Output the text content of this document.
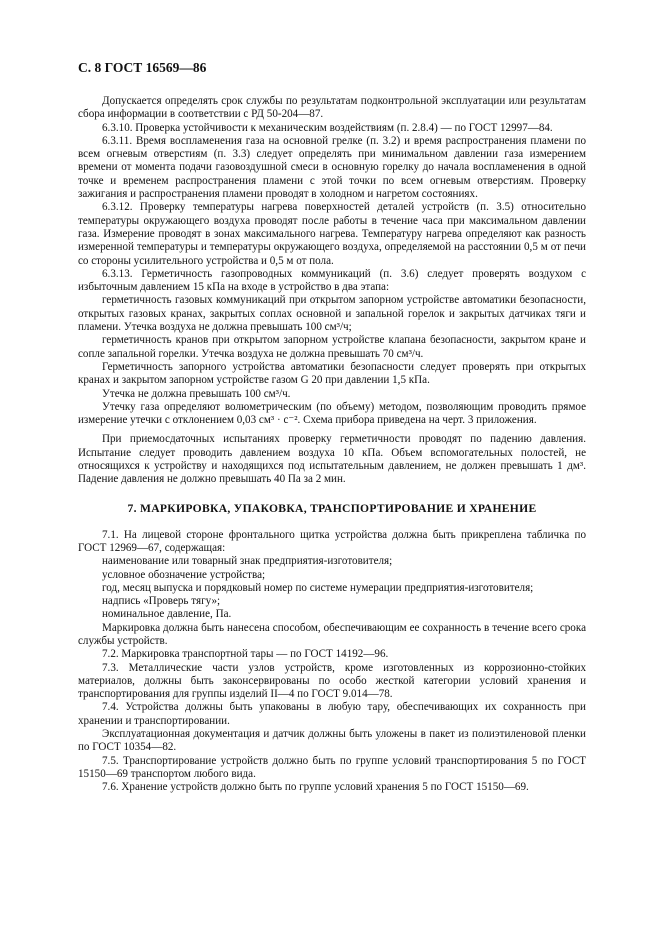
С. 8 ГОСТ 16569—86

Допускается определять срок службы по результатам подконтрольной эксплуатации или результатам сбора информации в соответствии с РД 50-204—87.

6.3.10. Проверка устойчивости к механическим воздействиям (п. 2.8.4) — по ГОСТ 12997—84.

6.3.11. Время воспламенения газа на основной грелке (п. 3.2) и время распространения пламени по всем огневым отверстиям (п. 3.3) следует определять при минимальном давлении газа измерением времени от момента подачи газовоздушной смеси в основную горелку до начала воспламенения в одной точке и временем распространения пламени с этой точки по всем огневым отверстиям. Проверку зажигания и распространения пламени проводят в холодном и нагретом состояниях.

6.3.12. Проверку температуры нагрева поверхностей деталей устройств (п. 3.5) относительно температуры окружающего воздуха проводят после работы в течение часа при максимальном давлении газа. Измерение проводят в зонах максимального нагрева. Температуру нагрева определяют как разность измеренной температуры и температуры окружающего воздуха, определяемой на расстоянии 0,5 м от печи со стороны усилительного устройства и 0,5 м от пола.

6.3.13. Герметичность газопроводных коммуникаций (п. 3.6) следует проверять воздухом с избыточным давлением 15 кПа на входе в устройство в два этапа:

герметичность газовых коммуникаций при открытом запорном устройстве автоматики безопасности, открытых газовых кранах, закрытых соплах основной и запальной горелок и закрытых датчиках тяги и пламени. Утечка воздуха не должна превышать 100 см³/ч;

герметичность кранов при открытом запорном устройстве клапана безопасности, закрытом кране и сопле запальной горелки. Утечка воздуха не должна превышать 70 см³/ч.

Герметичность запорного устройства автоматики безопасности следует проверять при открытых кранах и закрытом запорном устройстве газом G 20 при давлении 1,5 кПа.

Утечка не должна превышать 100 см³/ч.

Утечку газа определяют волюметрическим (по объему) методом, позволяющим проводить прямое измерение утечки с отклонением 0,03 см³ · с⁻². Схема прибора приведена на черт. 3 приложения.

При приемосдаточных испытаниях проверку герметичности проводят по падению давления. Испытание следует проводить давлением воздуха 10 кПа. Объем вспомогательных полостей, не относящихся к устройству и находящихся под испытательным давлением, не должен превышать 1 дм³. Падение давления не должно превышать 40 Па за 2 мин.

7. МАРКИРОВКА, УПАКОВКА, ТРАНСПОРТИРОВАНИЕ И ХРАНЕНИЕ

7.1. На лицевой стороне фронтального щитка устройства должна быть прикреплена табличка по ГОСТ 12969—67, содержащая:

наименование или товарный знак предприятия-изготовителя;

условное обозначение устройства;

год, месяц выпуска и порядковый номер по системе нумерации предприятия-изготовителя;

надпись «Проверь тягу»;

номинальное давление, Па.

Маркировка должна быть нанесена способом, обеспечивающим ее сохранность в течение всего срока службы устройств.

7.2. Маркировка транспортной тары — по ГОСТ 14192—96.

7.3. Металлические части узлов устройств, кроме изготовленных из коррозионно-стойких материалов, должны быть законсервированы по особо жесткой категории условий хранения и транспортирования для группы изделий II—4 по ГОСТ 9.014—78.

7.4. Устройства должны быть упакованы в любую тару, обеспечивающих их сохранность при хранении и транспортировании.

Эксплуатационная документация и датчик должны быть уложены в пакет из полиэтиленовой пленки по ГОСТ 10354—82.

7.5. Транспортирование устройств должно быть по группе условий транспортирования 5 по ГОСТ 15150—69 транспортом любого вида.

7.6. Хранение устройств должно быть по группе условий хранения 5 по ГОСТ 15150—69.
